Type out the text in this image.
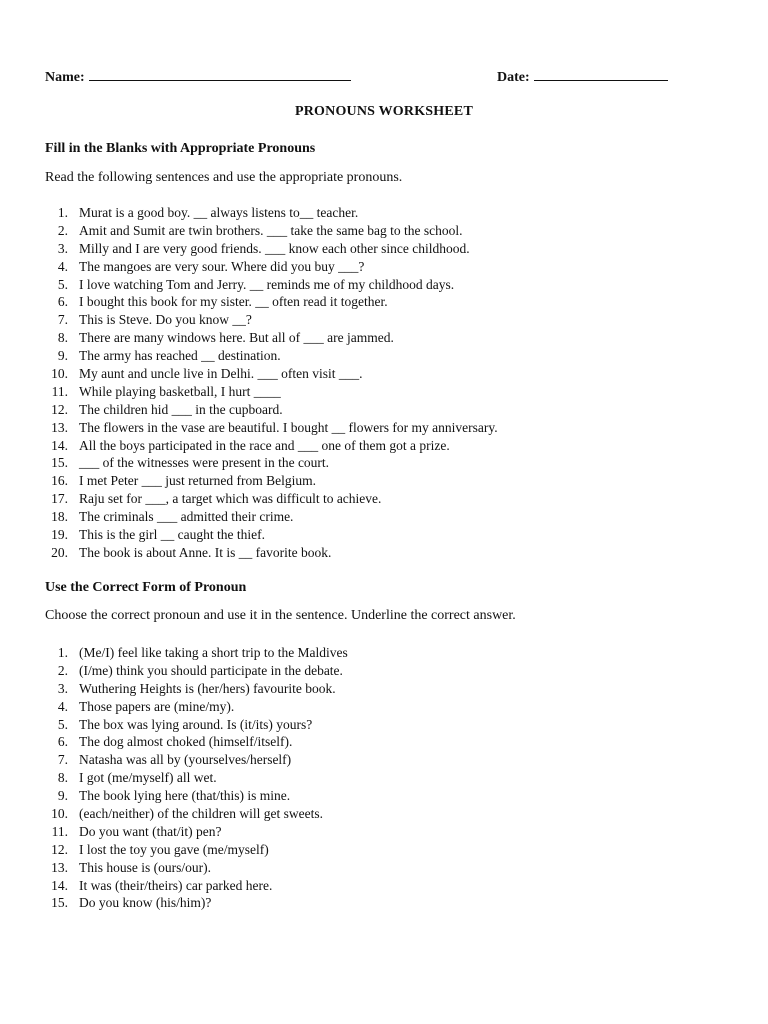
Name:	Date:
PRONOUNS WORKSHEET
Fill in the Blanks with Appropriate Pronouns
Read the following sentences and use the appropriate pronouns.
1. Murat is a good boy. __ always listens to__ teacher.
2. Amit and Sumit are twin brothers. ___ take the same bag to the school.
3. Milly and I are very good friends. ___ know each other since childhood.
4. The mangoes are very sour. Where did you buy ___?
5. I love watching Tom and Jerry. __ reminds me of my childhood days.
6. I bought this book for my sister. __ often read it together.
7. This is Steve. Do you know __?
8. There are many windows here. But all of ___ are jammed.
9. The army has reached __ destination.
10. My aunt and uncle live in Delhi. ___ often visit ___.
11. While playing basketball, I hurt ____
12. The children hid ___ in the cupboard.
13. The flowers in the vase are beautiful. I bought __ flowers for my anniversary.
14. All the boys participated in the race and ___ one of them got a prize.
15. ___ of the witnesses were present in the court.
16. I met Peter ___ just returned from Belgium.
17. Raju set for ___, a target which was difficult to achieve.
18. The criminals ___ admitted their crime.
19. This is the girl __ caught the thief.
20. The book is about Anne. It is __ favorite book.
Use the Correct Form of Pronoun
Choose the correct pronoun and use it in the sentence. Underline the correct answer.
1. (Me/I) feel like taking a short trip to the Maldives
2. (I/me) think you should participate in the debate.
3. Wuthering Heights is (her/hers) favourite book.
4. Those papers are (mine/my).
5. The box was lying around. Is (it/its) yours?
6. The dog almost choked (himself/itself).
7. Natasha was all by (yourselves/herself)
8. I got (me/myself) all wet.
9. The book lying here (that/this) is mine.
10. (each/neither) of the children will get sweets.
11. Do you want (that/it) pen?
12. I lost the toy you gave (me/myself)
13. This house is (ours/our).
14. It was (their/theirs) car parked here.
15. Do you know (his/him)?
